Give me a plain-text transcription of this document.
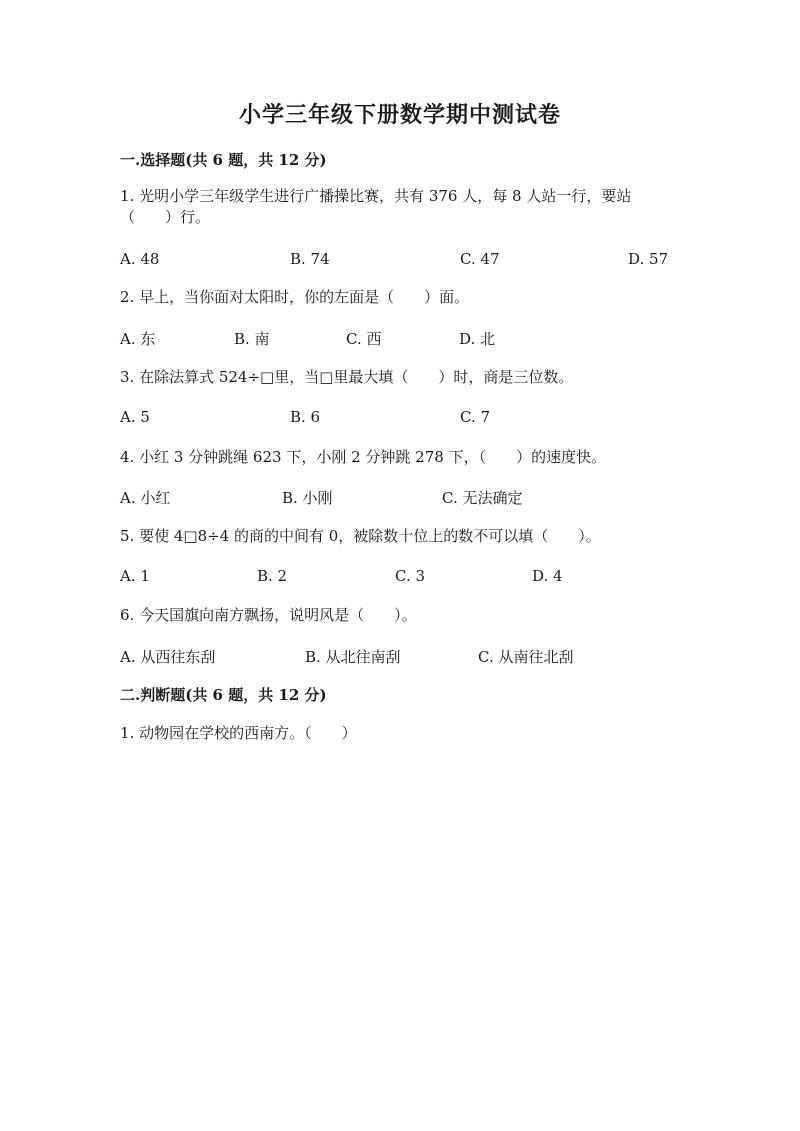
小学三年级下册数学期中测试卷
一.选择题(共 6 题，共 12 分)
1. 光明小学三年级学生进行广播操比赛，共有 376 人，每 8 人站一行，要站（　　）行。
A. 48	B. 74	C. 47	D. 57
2. 早上，当你面对太阳时，你的左面是（　　）面。
A. 东	B. 南	C. 西	D. 北
3. 在除法算式 524÷□里，当□里最大填（　　）时，商是三位数。
A. 5	B. 6	C. 7
4. 小红 3 分钟跳绳 623 下，小刚 2 分钟跳 278 下，（　　）的速度快。
A. 小红	B. 小刚	C. 无法确定
5. 要使 4□8÷4 的商的中间有 0，被除数十位上的数不可以填（　　）。
A. 1	B. 2	C. 3	D. 4
6. 今天国旗向南方飘扬，说明风是（　　）。
A. 从西往东刮	B. 从北往南刮	C. 从南往北刮
二.判断题(共 6 题，共 12 分)
1. 动物园在学校的西南方。（　　）
